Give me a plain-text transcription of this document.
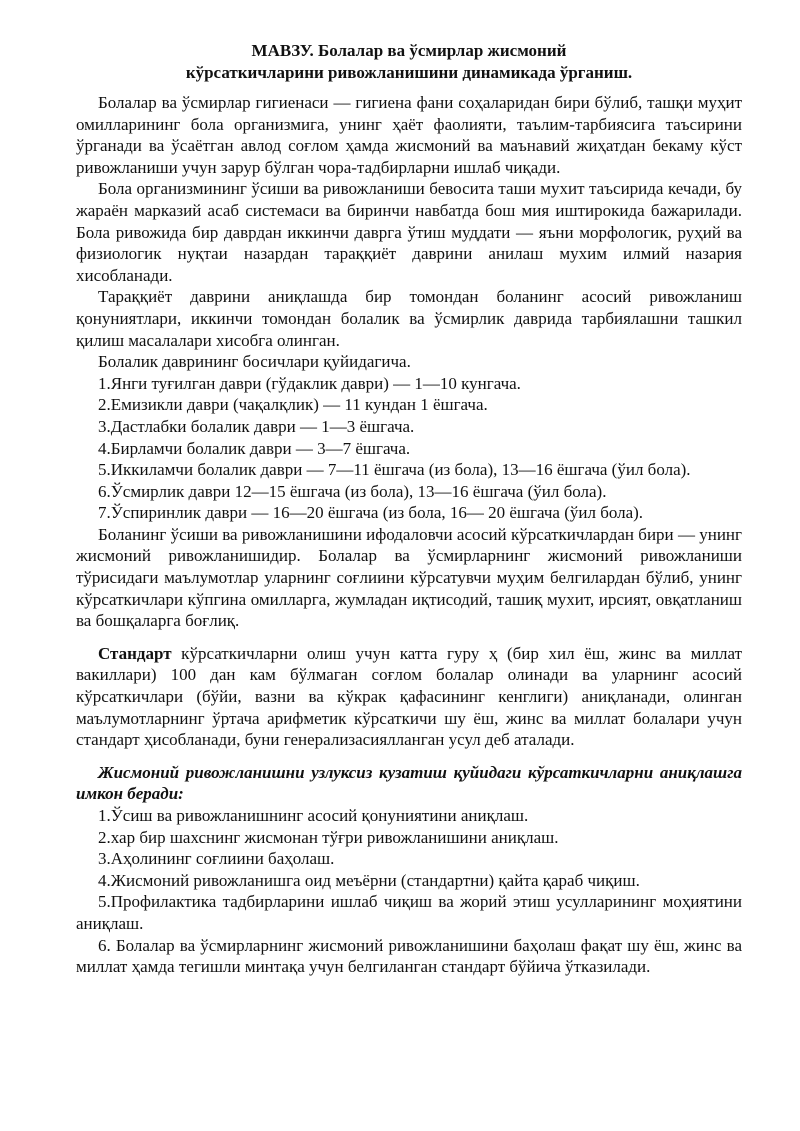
МАВЗУ. Болалар ва ўсмирлар жисмоний
кўрсаткичларини ривожланишини динамикада ўрганиш.

Болалар ва ўсмирлар гигиенаси — гигиена фани соҳаларидан бири бўлиб, ташқи муҳит омилларининг бола организмига, унинг ҳаёт фаолияти, таълим-тарбиясига таъсирини ўрганади ва ўсаётган авлод соғлом ҳамда жисмоний ва маънавий жиҳатдан бекаму кўст ривожланиши учун зарур бўлган чора-тадбирларни ишлаб чиқади.

Бола организмининг ўсиши ва ривожланиши бевосита таши мухит таъсирида кечади, бу жараён марказий асаб системаси ва биринчи навбатда бош мия иштирокида бажарилади. Бола ривожида бир даврдан иккинчи даврга ўтиш муддати — яъни морфологик, руҳий ва физиологик нуқтаи назардан тараққиёт даврини анилаш мухим илмий назария хисобланади.

Тараққиёт даврини аниқлашда бир томондан боланинг асосий ривожланиш қонуниятлари, иккинчи томондан болалик ва ўсмирлик даврида тарбиялашни ташкил қилиш масалалари хисобга олинган.

Болалик даврининг босичлари қуйидагича.

1.Янги туғилган даври (гўдаклик даври) — 1—10 кунгача.
2.Емизикли даври (чақалқлик) — 11 кундан 1 ёшгача.
3.Дастлабки болалик даври — 1—3 ёшгача.
4.Бирламчи болалик даври — 3—7 ёшгача.
5.Иккиламчи болалик даври — 7—11 ёшгача (из бола), 13—16 ёшгача (ўил бола).
6.Ўсмирлик даври 12—15 ёшгача (из бола), 13—16 ёшгача (ўил бола).
7.Ўспиринлик даври — 16—20 ёшгача (из бола, 16— 20 ёшгача (ўил бола).

Боланинг ўсиши ва ривожланишини ифодаловчи асосий кўрсаткичлардан бири — унинг жисмоний ривожланишидир. Болалар ва ўсмирларнинг жисмоний ривожланиши тўрисидаги маълумотлар уларнинг соғлиини кўрсатувчи муҳим белгилардан бўлиб, унинг кўрсаткичлари кўпгина омилларга, жумладан иқтисодий, ташиқ мухит, ирсият, овқатланиш ва бошқаларга боғлиқ.

Стандарт кўрсаткичларни олиш учун катта гуру ҳ (бир хил ёш, жинс ва миллат вакиллари) 100 дан кам бўлмаган соғлом болалар олинади ва уларнинг асосий кўрсаткичлари (бўйи, вазни ва кўкрак қафасининг кенглиги) аниқланади, олинган маълумотларнинг ўртача арифметик кўрсаткичи шу ёш, жинс ва миллат болалари учун стандарт ҳисобланади, буни генерализасиялланган усул деб аталади.

Жисмоний ривожланишни узлуксиз кузатиш қуйидаги кўрсаткичларни аниқлашга имкон беради:
1.Ўсиш ва ривожланишнинг асосий қонуниятини аниқлаш.
2.хар бир шахснинг жисмонан тўғри ривожланишини аниқлаш.
3.Аҳолининг соғлиини баҳолаш.
4.Жисмоний ривожланишга оид меъёрни (стандартни) қайта қараб чиқиш.
5.Профилактика тадбирларини ишлаб чиқиш ва жорий этиш усулларининг моҳиятини аниқлаш.

6. Болалар ва ўсмирларнинг жисмоний ривожланишини баҳолаш фақат шу ёш, жинс ва миллат ҳамда тегишли минтақа учун белгиланган стандарт бўйича ўтказилади.
